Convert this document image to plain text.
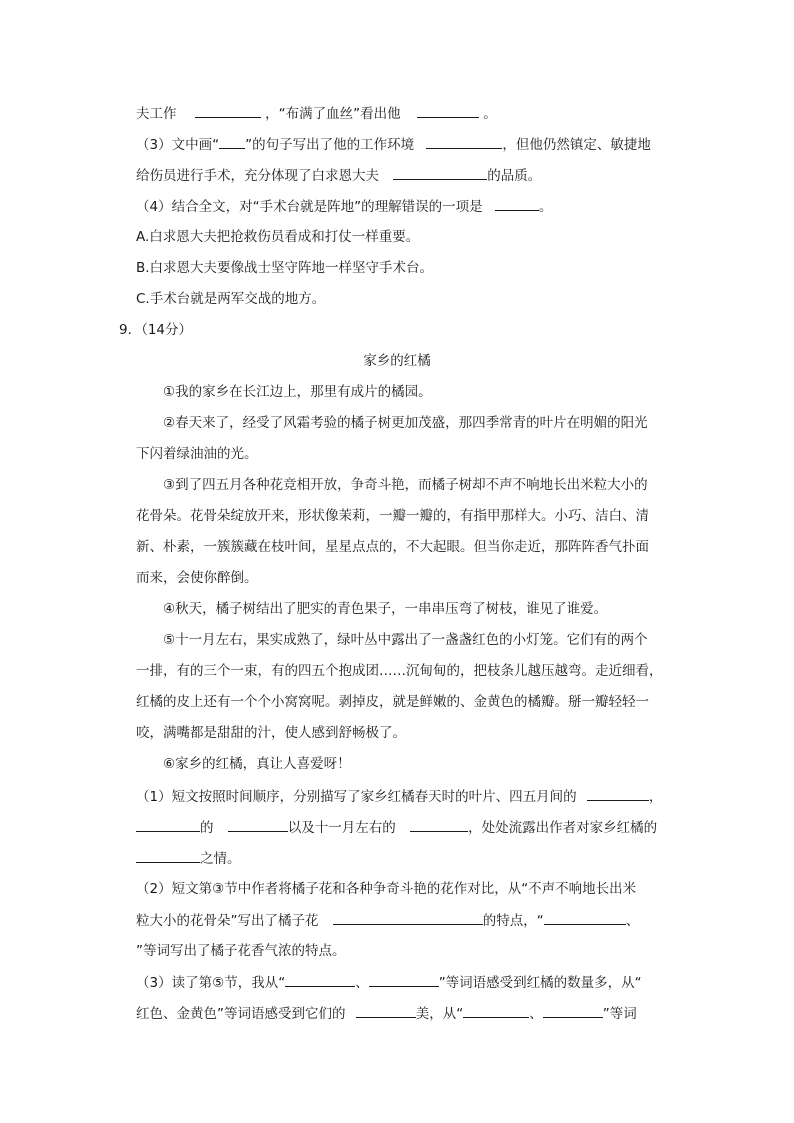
夫工作	，“布满了血丝”看出他	。
（3）文中画“ ”的句子写出了他的工作环境	，但他仍然镇定、敏捷地
给伤员进行手术，充分体现了白求恩大夫	的品质。
（4）结合全文，对“手术台就是阵地”的理解错误的一项是	。
A.白求恩大夫把抢救伤员看成和打仗一样重要。
B.白求恩大夫要像战士坚守阵地一样坚守手术台。
C.手术台就是两军交战的地方。
9．（14分）
家乡的红橘
①我的家乡在长江边上，那里有成片的橘园。
②春天来了，经受了风霜考验的橘子树更加茂盛，那四季常青的叶片在明媚的阳光
下闪着绿油油的光。
③到了四五月各种花竞相开放，争奇斗艳，而橘子树却不声不响地长出米粒大小的
花骨朵。花骨朵绽放开来，形状像茉莉，一瓣一瓣的，有指甲那样大。小巧、洁白、清
新、朴素，一簇簇藏在枝叶间，星星点点的，不大起眼。但当你走近，那阵阵香气扑面
而来，会使你醉倒。
④秋天，橘子树结出了肥实的青色果子，一串串压弯了树枝，谁见了谁爱。
⑤十一月左右，果实成熟了，绿叶丛中露出了一盏盏红色的小灯笼。它们有的两个
一排，有的三个一束，有的四五个抱成团……沉甸甸的，把枝条儿越压越弯。走近细看，
红橘的皮上还有一个个小窝窝呢。剥掉皮，就是鲜嫩的、金黄色的橘瓣。掰一瓣轻轻一
咬，满嘴都是甜甜的汁，使人感到舒畅极了。
⑥家乡的红橘，真让人喜爱呀！
（1）短文按照时间顺序，分别描写了家乡红橘春天时的叶片、四五月间的	，
的	以及十一月左右的	，处处流露出作者对家乡红橘的
之情。
（2）短文第③节中作者将橘子花和各种争奇斗艳的花作对比，从“不声不响地长出米
粒大小的花骨朵”写出了橘子花	的特点，“	、
”等词写出了橘子花香气浓的特点。
（3）读了第⑤节，我从“	、	”等词语感受到红橘的数量多，从“
红色、金黄色”等词语感受到它们的	美，从“	、	”等词
